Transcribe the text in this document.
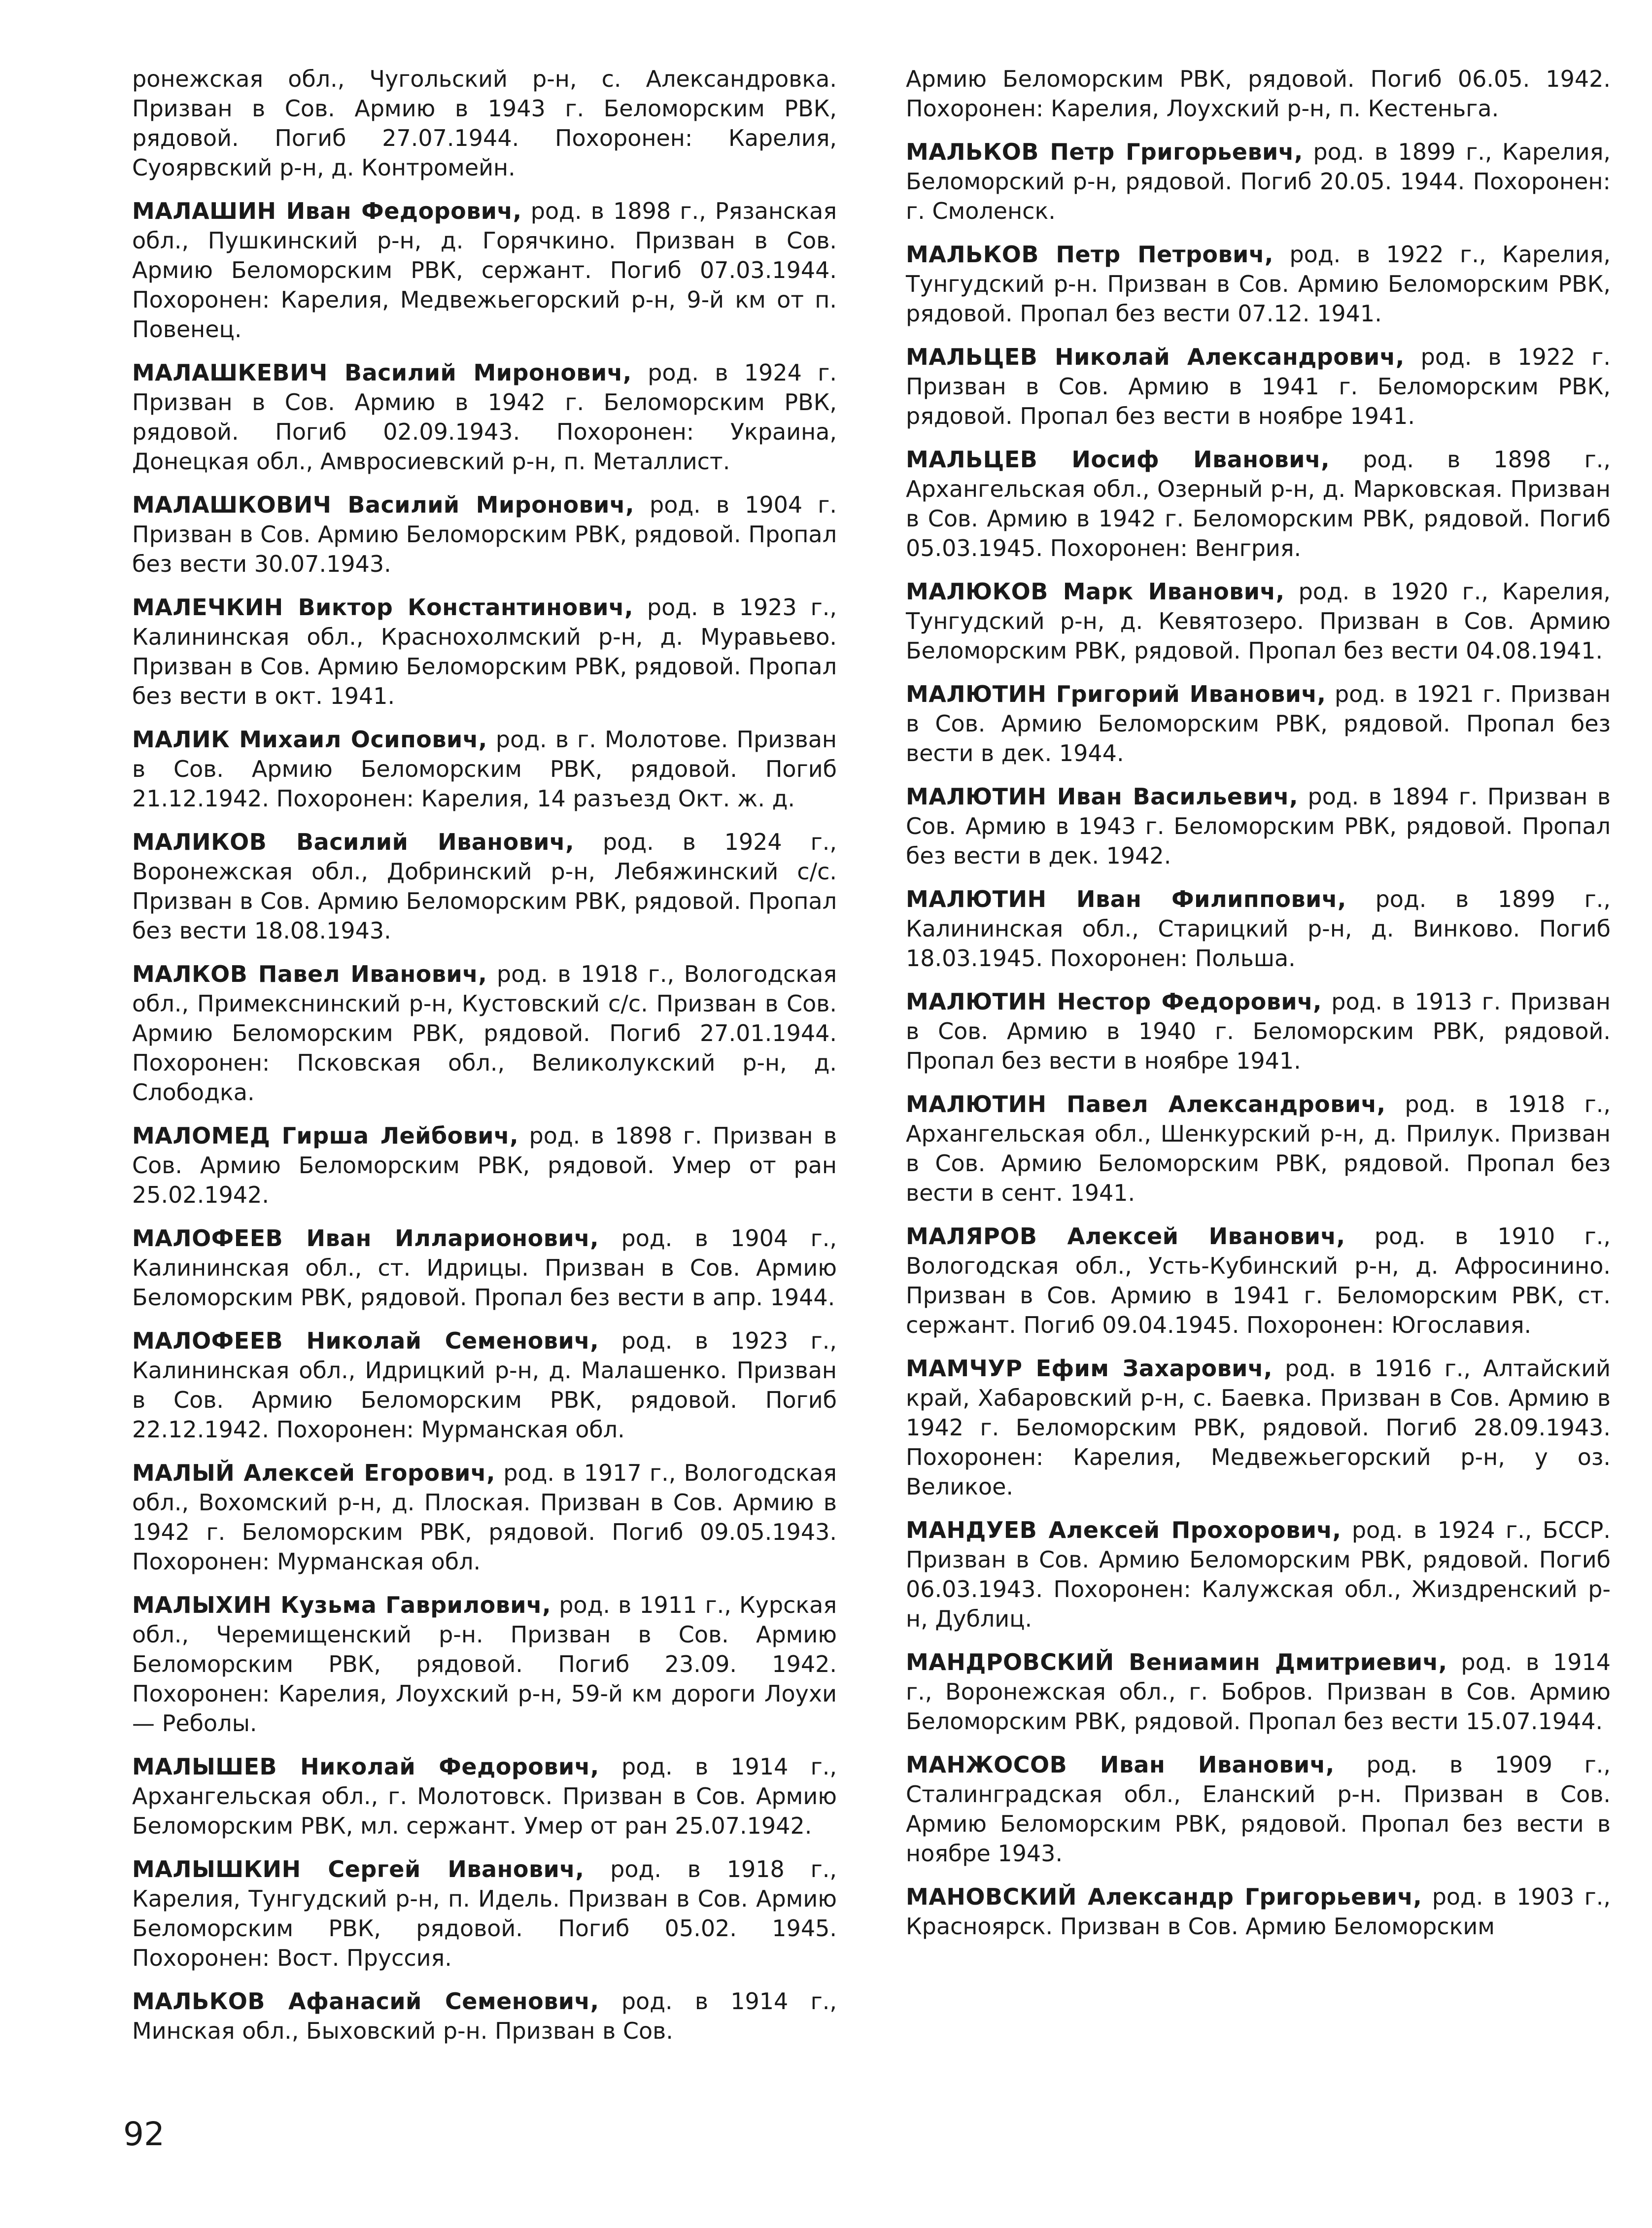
ронежская обл., Чугольский р-н, с. Александровка. Призван в Сов. Армию в 1943 г. Беломорским РВК, рядовой. Погиб 27.07.1944. Похоронен: Карелия, Суоярвский р-н, д. Контромейн.

МАЛАШИН Иван Федорович, род. в 1898 г., Рязанская обл., Пушкинский р-н, д. Горячкино. Призван в Сов. Армию Беломорским РВК, сержант. Погиб 07.03.1944. Похоронен: Карелия, Медвежьегорский р-н, 9-й км от п. Повенец.

МАЛАШКЕВИЧ Василий Миронович, род. в 1924 г. Призван в Сов. Армию в 1942 г. Беломорским РВК, рядовой. Погиб 02.09.1943. Похоронен: Украина, Донецкая обл., Амвросиевский р-н, п. Металлист.

МАЛАШКОВИЧ Василий Миронович, род. в 1904 г. Призван в Сов. Армию Беломорским РВК, рядовой. Пропал без вести 30.07.1943.

МАЛЕЧКИН Виктор Константинович, род. в 1923 г., Калининская обл., Краснохолмский р-н, д. Муравьево. Призван в Сов. Армию Беломорским РВК, рядовой. Пропал без вести в окт. 1941.

МАЛИК Михаил Осипович, род. в г. Молотове. Призван в Сов. Армию Беломорским РВК, рядовой. Погиб 21.12.1942. Похоронен: Карелия, 14 разъезд Окт. ж. д.

МАЛИКОВ Василий Иванович, род. в 1924 г., Воронежская обл., Добринский р-н, Лебяжинский с/с. Призван в Сов. Армию Беломорским РВК, рядовой. Пропал без вести 18.08.1943.

МАЛКОВ Павел Иванович, род. в 1918 г., Вологодская обл., Примекснинский р-н, Кустовский с/с. Призван в Сов. Армию Беломорским РВК, рядовой. Погиб 27.01.1944. Похоронен: Псковская обл., Великолукский р-н, д. Слободка.

МАЛОМЕД Гирша Лейбович, род. в 1898 г. Призван в Сов. Армию Беломорским РВК, рядовой. Умер от ран 25.02.1942.

МАЛОФЕЕВ Иван Илларионович, род. в 1904 г., Калининская обл., ст. Идрицы. Призван в Сов. Армию Беломорским РВК, рядовой. Пропал без вести в апр. 1944.

МАЛОФЕЕВ Николай Семенович, род. в 1923 г., Калининская обл., Идрицкий р-н, д. Малашенко. Призван в Сов. Армию Беломорским РВК, рядовой. Погиб 22.12.1942. Похоронен: Мурманская обл.

МАЛЫЙ Алексей Егорович, род. в 1917 г., Вологодская обл., Вохомский р-н, д. Плоская. Призван в Сов. Армию в 1942 г. Беломорским РВК, рядовой. Погиб 09.05.1943. Похоронен: Мурманская обл.

МАЛЫХИН Кузьма Гаврилович, род. в 1911 г., Курская обл., Черемищенский р-н. Призван в Сов. Армию Беломорским РВК, рядовой. Погиб 23.09. 1942. Похоронен: Карелия, Лоухский р-н, 59-й км дороги Лоухи — Реболы.

МАЛЫШЕВ Николай Федорович, род. в 1914 г., Архангельская обл., г. Молотовск. Призван в Сов. Армию Беломорским РВК, мл. сержант. Умер от ран 25.07.1942.

МАЛЫШКИН Сергей Иванович, род. в 1918 г., Карелия, Тунгудский р-н, п. Идель. Призван в Сов. Армию Беломорским РВК, рядовой. Погиб 05.02. 1945. Похоронен: Вост. Пруссия.

МАЛЬКОВ Афанасий Семенович, род. в 1914 г., Минская обл., Быховский р-н. Призван в Сов.

Армию Беломорским РВК, рядовой. Погиб 06.05. 1942. Похоронен: Карелия, Лоухский р-н, п. Кестеньга.

МАЛЬКОВ Петр Григорьевич, род. в 1899 г., Карелия, Беломорский р-н, рядовой. Погиб 20.05. 1944. Похоронен: г. Смоленск.

МАЛЬКОВ Петр Петрович, род. в 1922 г., Карелия, Тунгудский р-н. Призван в Сов. Армию Беломорским РВК, рядовой. Пропал без вести 07.12. 1941.

МАЛЬЦЕВ Николай Александрович, род. в 1922 г. Призван в Сов. Армию в 1941 г. Беломорским РВК, рядовой. Пропал без вести в ноябре 1941.

МАЛЬЦЕВ Иосиф Иванович, род. в 1898 г., Архангельская обл., Озерный р-н, д. Марковская. Призван в Сов. Армию в 1942 г. Беломорским РВК, рядовой. Погиб 05.03.1945. Похоронен: Венгрия.

МАЛЮКОВ Марк Иванович, род. в 1920 г., Карелия, Тунгудский р-н, д. Кевятозеро. Призван в Сов. Армию Беломорским РВК, рядовой. Пропал без вести 04.08.1941.

МАЛЮТИН Григорий Иванович, род. в 1921 г. Призван в Сов. Армию Беломорским РВК, рядовой. Пропал без вести в дек. 1944.

МАЛЮТИН Иван Васильевич, род. в 1894 г. Призван в Сов. Армию в 1943 г. Беломорским РВК, рядовой. Пропал без вести в дек. 1942.

МАЛЮТИН Иван Филиппович, род. в 1899 г., Калининская обл., Старицкий р-н, д. Винково. Погиб 18.03.1945. Похоронен: Польша.

МАЛЮТИН Нестор Федорович, род. в 1913 г. Призван в Сов. Армию в 1940 г. Беломорским РВК, рядовой. Пропал без вести в ноябре 1941.

МАЛЮТИН Павел Александрович, род. в 1918 г., Архангельская обл., Шенкурский р-н, д. Прилук. Призван в Сов. Армию Беломорским РВК, рядовой. Пропал без вести в сент. 1941.

МАЛЯРОВ Алексей Иванович, род. в 1910 г., Вологодская обл., Усть-Кубинский р-н, д. Афросинино. Призван в Сов. Армию в 1941 г. Беломорским РВК, ст. сержант. Погиб 09.04.1945. Похоронен: Югославия.

МАМЧУР Ефим Захарович, род. в 1916 г., Алтайский край, Хабаровский р-н, с. Баевка. Призван в Сов. Армию в 1942 г. Беломорским РВК, рядовой. Погиб 28.09.1943. Похоронен: Карелия, Медвежьегорский р-н, у оз. Великое.

МАНДУЕВ Алексей Прохорович, род. в 1924 г., БССР. Призван в Сов. Армию Беломорским РВК, рядовой. Погиб 06.03.1943. Похоронен: Калужская обл., Жиздренский р-н, Дублиц.

МАНДРОВСКИЙ Вениамин Дмитриевич, род. в 1914 г., Воронежская обл., г. Бобров. Призван в Сов. Армию Беломорским РВК, рядовой. Пропал без вести 15.07.1944.

МАНЖОСОВ Иван Иванович, род. в 1909 г., Сталинградская обл., Еланский р-н. Призван в Сов. Армию Беломорским РВК, рядовой. Пропал без вести в ноябре 1943.

МАНОВСКИЙ Александр Григорьевич, род. в 1903 г., Красноярск. Призван в Сов. Армию Беломорским

92
